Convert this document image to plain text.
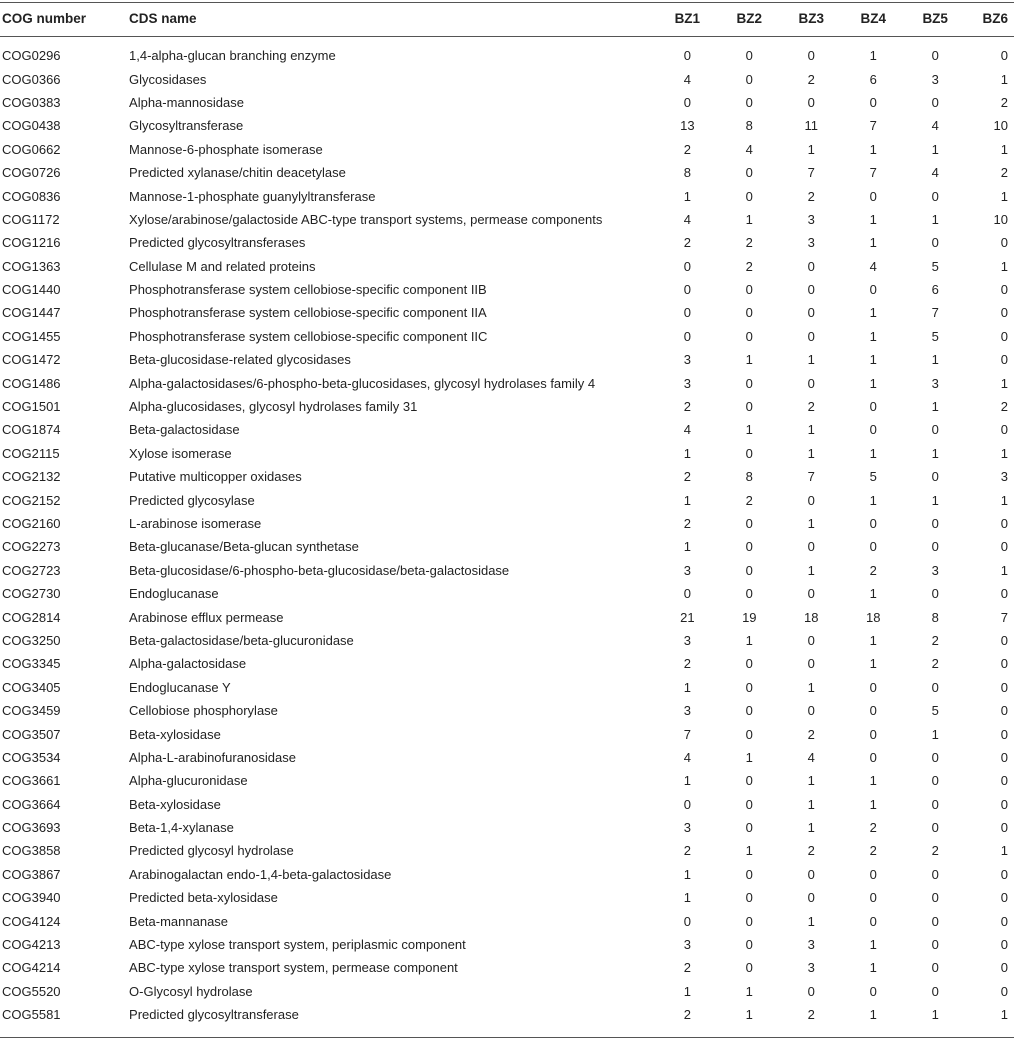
COG number	CDS name	BZ1	BZ2	BZ3	BZ4	BZ5	BZ6

COG0296	1,4-alpha-glucan branching enzyme	0	0	0	1	0	0
COG0366	Glycosidases	4	0	2	6	3	1
COG0383	Alpha-mannosidase	0	0	0	0	0	2
COG0438	Glycosyltransferase	13	8	11	7	4	10
COG0662	Mannose-6-phosphate isomerase	2	4	1	1	1	1
COG0726	Predicted xylanase/chitin deacetylase	8	0	7	7	4	2
COG0836	Mannose-1-phosphate guanylyltransferase	1	0	2	0	0	1
COG1172	Xylose/arabinose/galactoside ABC-type transport systems, permease components	4	1	3	1	1	10
COG1216	Predicted glycosyltransferases	2	2	3	1	0	0
COG1363	Cellulase M and related proteins	0	2	0	4	5	1
COG1440	Phosphotransferase system cellobiose-specific component IIB	0	0	0	0	6	0
COG1447	Phosphotransferase system cellobiose-specific component IIA	0	0	0	1	7	0
COG1455	Phosphotransferase system cellobiose-specific component IIC	0	0	0	1	5	0
COG1472	Beta-glucosidase-related glycosidases	3	1	1	1	1	0
COG1486	Alpha-galactosidases/6-phospho-beta-glucosidases, glycosyl hydrolases family 4	3	0	0	1	3	1
COG1501	Alpha-glucosidases, glycosyl hydrolases family 31	2	0	2	0	1	2
COG1874	Beta-galactosidase	4	1	1	0	0	0
COG2115	Xylose isomerase	1	0	1	1	1	1
COG2132	Putative multicopper oxidases	2	8	7	5	0	3
COG2152	Predicted glycosylase	1	2	0	1	1	1
COG2160	L-arabinose isomerase	2	0	1	0	0	0
COG2273	Beta-glucanase/Beta-glucan synthetase	1	0	0	0	0	0
COG2723	Beta-glucosidase/6-phospho-beta-glucosidase/beta-galactosidase	3	0	1	2	3	1
COG2730	Endoglucanase	0	0	0	1	0	0
COG2814	Arabinose efflux permease	21	19	18	18	8	7
COG3250	Beta-galactosidase/beta-glucuronidase	3	1	0	1	2	0
COG3345	Alpha-galactosidase	2	0	0	1	2	0
COG3405	Endoglucanase Y	1	0	1	0	0	0
COG3459	Cellobiose phosphorylase	3	0	0	0	5	0
COG3507	Beta-xylosidase	7	0	2	0	1	0
COG3534	Alpha-L-arabinofuranosidase	4	1	4	0	0	0
COG3661	Alpha-glucuronidase	1	0	1	1	0	0
COG3664	Beta-xylosidase	0	0	1	1	0	0
COG3693	Beta-1,4-xylanase	3	0	1	2	0	0
COG3858	Predicted glycosyl hydrolase	2	1	2	2	2	1
COG3867	Arabinogalactan endo-1,4-beta-galactosidase	1	0	0	0	0	0
COG3940	Predicted beta-xylosidase	1	0	0	0	0	0
COG4124	Beta-mannanase	0	0	1	0	0	0
COG4213	ABC-type xylose transport system, periplasmic component	3	0	3	1	0	0
COG4214	ABC-type xylose transport system, permease component	2	0	3	1	0	0
COG5520	O-Glycosyl hydrolase	1	1	0	0	0	0
COG5581	Predicted glycosyltransferase	2	1	2	1	1	1
